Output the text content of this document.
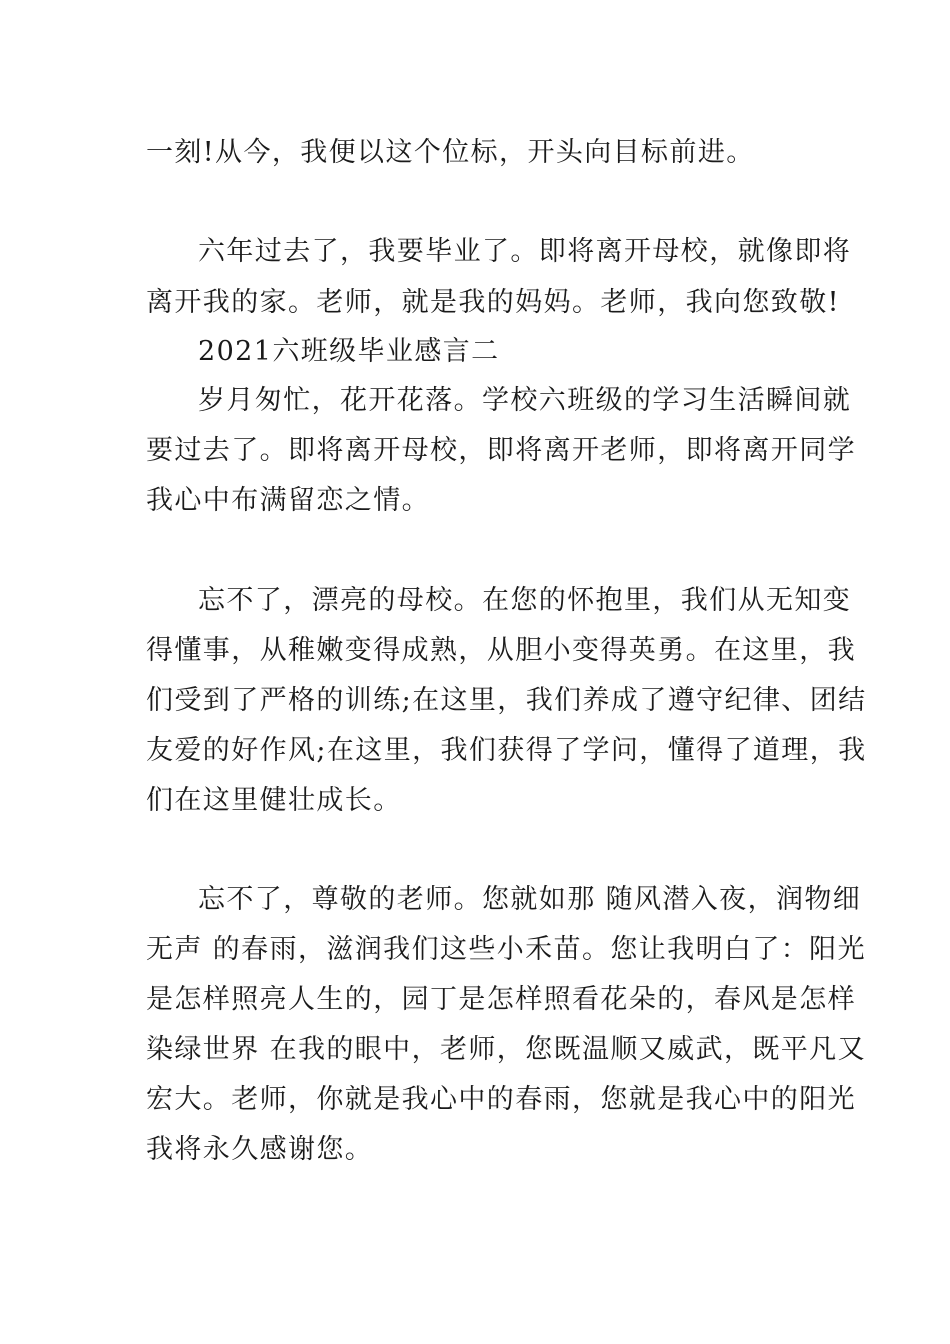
一刻!从今，我便以这个位标，开头向目标前进。
六年过去了，我要毕业了。即将离开母校，就像即将
离开我的家。老师，就是我的妈妈。老师，我向您致敬!
2021六班级毕业感言二
岁月匆忙，花开花落。学校六班级的学习生活瞬间就
要过去了。即将离开母校，即将离开老师，即将离开同学
我心中布满留恋之情。
忘不了，漂亮的母校。在您的怀抱里，我们从无知变
得懂事，从稚嫩变得成熟，从胆小变得英勇。在这里，我
们受到了严格的训练;在这里，我们养成了遵守纪律、团结
友爱的好作风;在这里，我们获得了学问，懂得了道理，我
们在这里健壮成长。
忘不了，尊敬的老师。您就如那 随风潜入夜，润物细
无声 的春雨，滋润我们这些小禾苗。您让我明白了：阳光
是怎样照亮人生的，园丁是怎样照看花朵的，春风是怎样
染绿世界 在我的眼中，老师，您既温顺又威武，既平凡又
宏大。老师，你就是我心中的春雨，您就是我心中的阳光
我将永久感谢您。
